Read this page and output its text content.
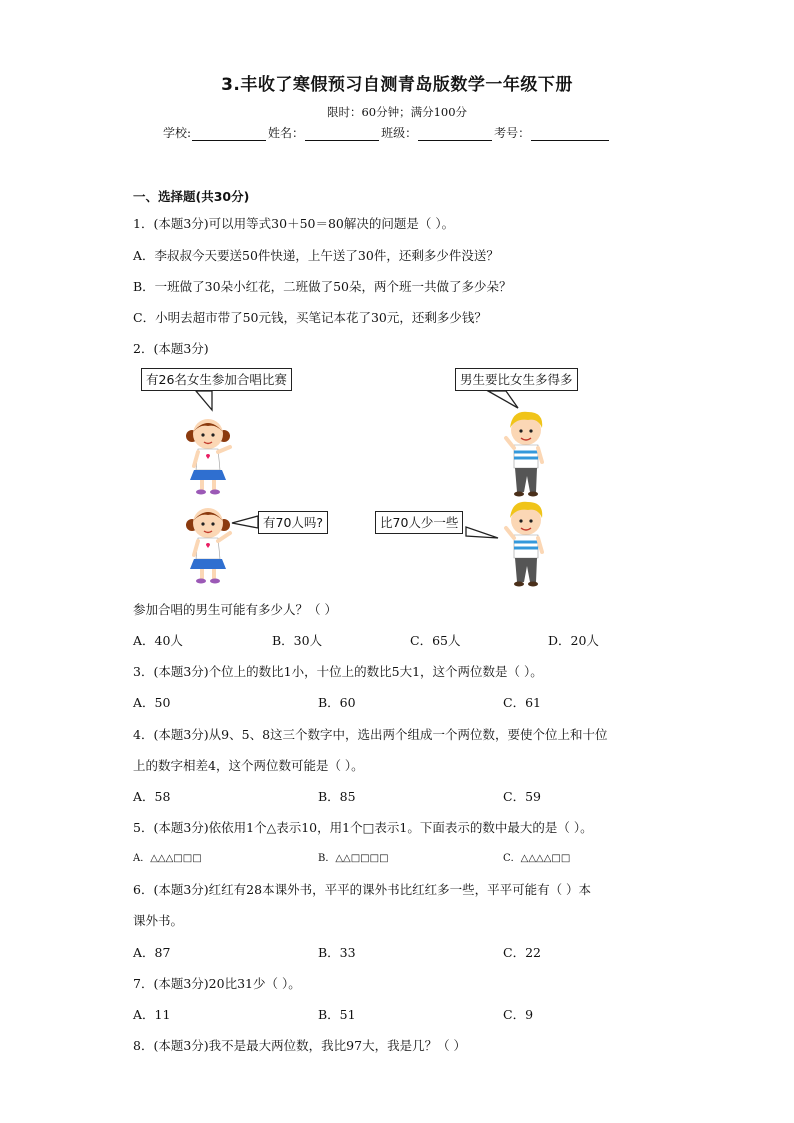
3.丰收了寒假预习自测青岛版数学一年级下册
限时：60分钟；满分100分
学校:	姓名：	班级：	考号：
一、选择题(共30分)
1．(本题3分)可以用等式30＋50＝80解决的问题是（ ）。
A．李叔叔今天要送50件快递，上午送了30件，还剩多少件没送？
B．一班做了30朵小红花，二班做了50朵，两个班一共做了多少朵？
C．小明去超市带了50元钱，买笔记本花了30元，还剩多少钱？
2．(本题3分)
有26名女生参加合唱比赛	男生要比女生多得多
有70人吗?	比70人少一些
参加合唱的男生可能有多少人？（ ）
A．40人	B．30人	C．65人	D．20人
3．(本题3分)个位上的数比1小，十位上的数比5大1，这个两位数是（ ）。
A．50	B．60	C．61
4．(本题3分)从9、5、8这三个数字中，选出两个组成一个两位数，要使个位上和十位
上的数字相差4，这个两位数可能是（ ）。
A．58	B．85	C．59
5．(本题3分)依依用1个△表示10，用1个□表示1。下面表示的数中最大的是（ ）。
A．△△△□□□	B．△△□□□□	C．△△△△□□
6．(本题3分)红红有28本课外书，平平的课外书比红红多一些，平平可能有（ ）本
课外书。
A．87	B．33	C．22
7．(本题3分)20比31少（ ）。
A．11	B．51	C．9
8．(本题3分)我不是最大两位数，我比97大，我是几？（ ）
